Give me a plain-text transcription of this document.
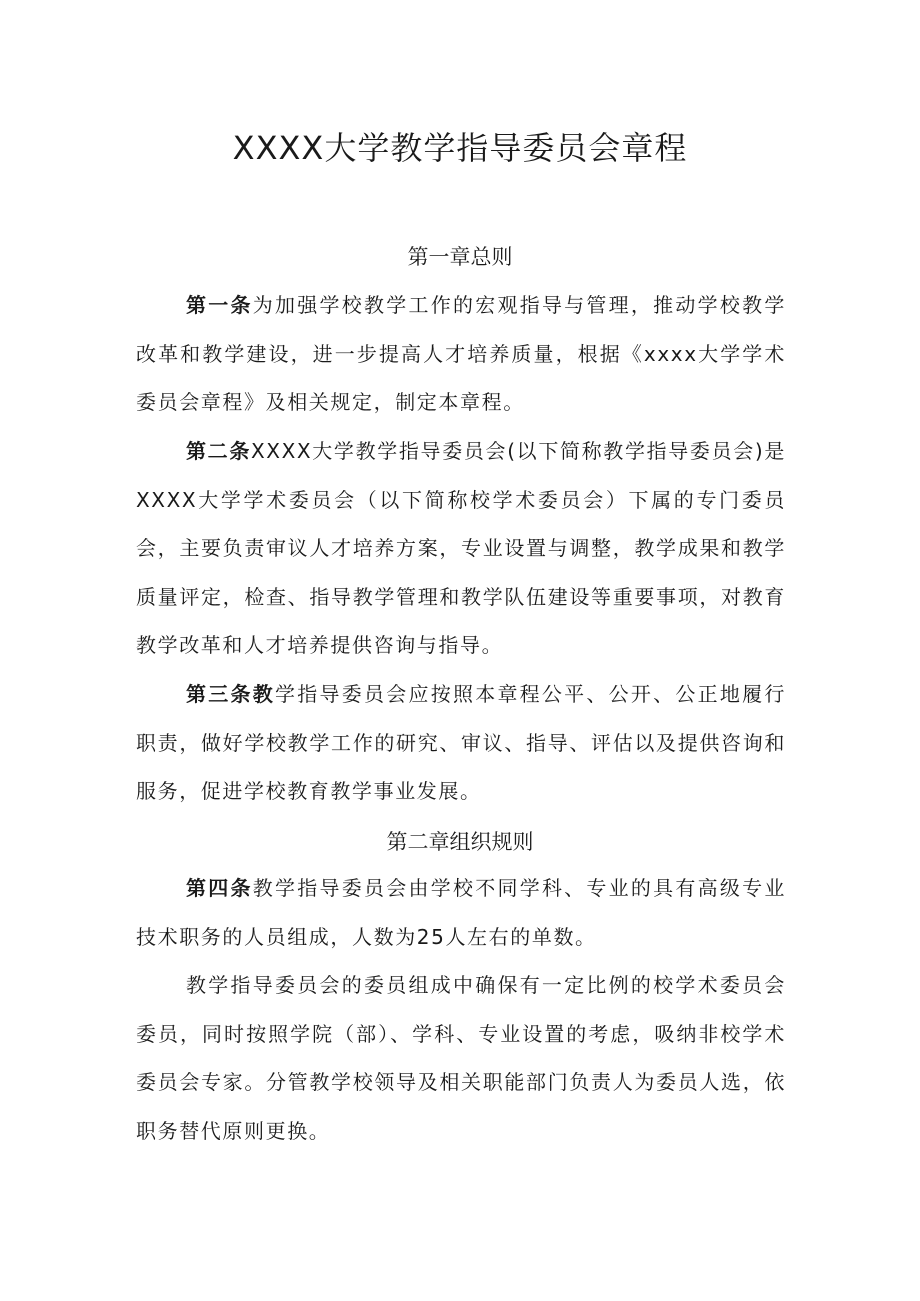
XXXX大学教学指导委员会章程
第一章总则

第一条为加强学校教学工作的宏观指导与管理，推动学校教学改革和教学建设，进一步提高人才培养质量，根据《xxxx大学学术委员会章程》及相关规定，制定本章程。

第二条XXXX大学教学指导委员会(以下简称教学指导委员会)是XXXX大学学术委员会（以下简称校学术委员会）下属的专门委员会，主要负责审议人才培养方案，专业设置与调整，教学成果和教学质量评定，检查、指导教学管理和教学队伍建设等重要事项，对教育教学改革和人才培养提供咨询与指导。

第三条教学指导委员会应按照本章程公平、公开、公正地履行职责，做好学校教学工作的研究、审议、指导、评估以及提供咨询和服务，促进学校教育教学事业发展。

第二章组织规则

第四条教学指导委员会由学校不同学科、专业的具有高级专业技术职务的人员组成，人数为25人左右的单数。

教学指导委员会的委员组成中确保有一定比例的校学术委员会委员，同时按照学院（部）、学科、专业设置的考虑，吸纳非校学术委员会专家。分管教学校领导及相关职能部门负责人为委员人选，依职务替代原则更换。
